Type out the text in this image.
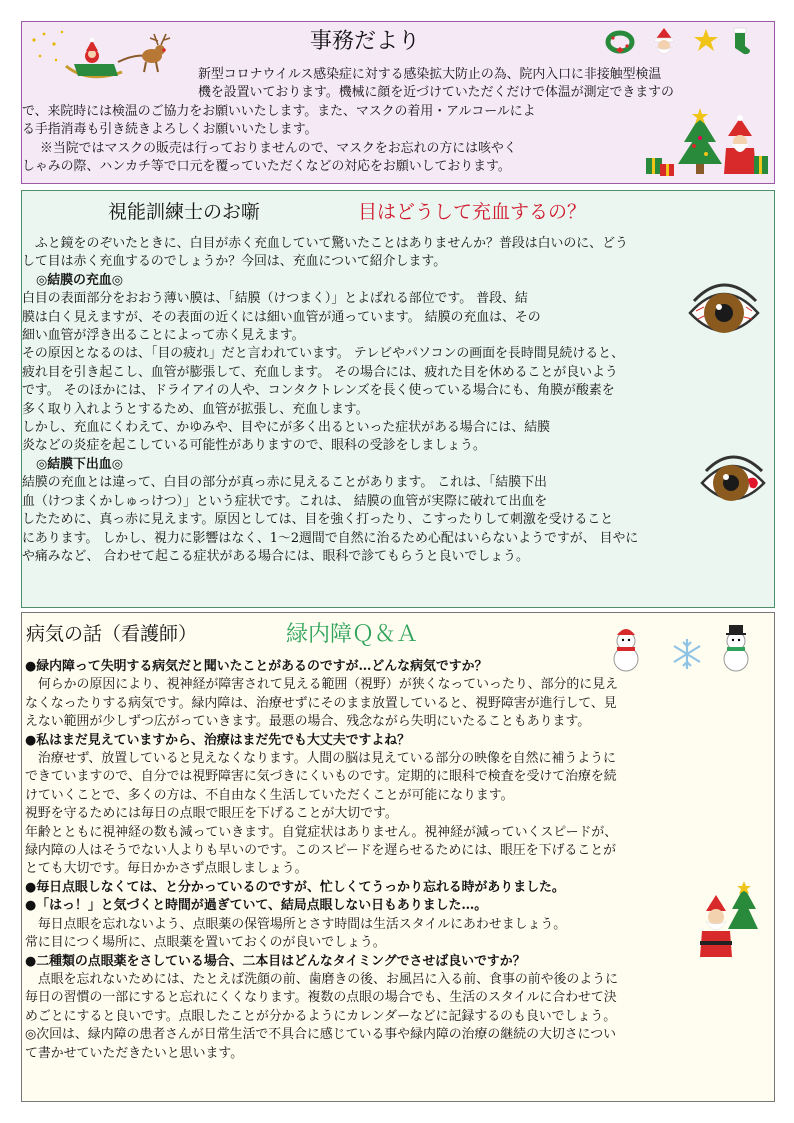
事務だより

新型コロナウイルス感染症に対する感染拡大防止の為、院内入口に非接触型検温

機を設置いております。機械に顔を近づけていただくだけで体温が測定できますの

で、来院時には検温のご協力をお願いいたします。また、マスクの着用・アルコールによ

る手指消毒も引き続きよろしくお願いいたします。

※当院ではマスクの販売は行っておりませんので、マスクをお忘れの方には咳やく

しゃみの際、ハンカチ等で口元を覆っていただくなどの対応をお願いしております。

視能訓練士のお噺	目はどうして充血するの？

ふと鏡をのぞいたときに、白目が赤く充血していて驚いたことはありませんか？普段は白いのに、どう

して目は赤く充血するのでしょうか？今回は、充血について紹介します。

◎結膜の充血◎

白目の表面部分をおおう薄い膜は、「結膜（けつまく）」とよばれる部位です。 普段、結

膜は白く見えますが、その表面の近くには細い血管が通っています。 結膜の充血は、その

細い血管が浮き出ることによって赤く見えます。

その原因となるのは、「目の疲れ」だと言われています。 テレビやパソコンの画面を長時間見続けると、

疲れ目を引き起こし、血管が膨張して、充血します。 その場合には、疲れた目を休めることが良いよう

です。 そのほかには、ドライアイの人や、コンタクトレンズを長く使っている場合にも、角膜が酸素を

多く取り入れようとするため、血管が拡張し、充血します。

しかし、充血にくわえて、かゆみや、目やにが多く出るといった症状がある場合には、結膜

炎などの炎症を起こしている可能性がありますので、眼科の受診をしましょう。

◎結膜下出血◎

結膜の充血とは違って、白目の部分が真っ赤に見えることがあります。 これは、「結膜下出

血（けつまくかしゅっけつ）」という症状です。これは、 結膜の血管が実際に破れて出血を

したために、真っ赤に見えます。原因としては、目を強く打ったり、こすったりして刺激を受けること

にあります。 しかし、視力に影響はなく、1～2週間で自然に治るため心配はいらないようですが、 目やに

や痛みなど、 合わせて起こる症状がある場合には、眼科で診てもらうと良いでしょう。

病気の話（看護師）	緑内障Ｑ＆Ａ

●緑内障って失明する病気だと聞いたことがあるのですが…どんな病気ですか？

何らかの原因により、視神経が障害されて見える範囲（視野）が狭くなっていったり、部分的に見え

なくなったりする病気です。緑内障は、治療せずにそのまま放置していると、視野障害が進行して、見

えない範囲が少しずつ広がっていきます。最悪の場合、残念ながら失明にいたることもあります。

●私はまだ見えていますから、治療はまだ先でも大丈夫ですよね？

治療せず、放置していると見えなくなります。人間の脳は見えている部分の映像を自然に補うように

できていますので、自分では視野障害に気づきにくいものです。定期的に眼科で検査を受けて治療を続

けていくことで、多くの方は、不自由なく生活していただくことが可能になります。

視野を守るためには毎日の点眼で眼圧を下げることが大切です。

年齢とともに視神経の数も減っていきます。自覚症状はありません。視神経が減っていくスピードが、

緑内障の人はそうでない人よりも早いのです。このスピードを遅らせるためには、眼圧を下げることが

とても大切です。毎日かかさず点眼しましょう。

●毎日点眼しなくては、と分かっているのですが、忙しくてうっかり忘れる時がありました。

●「はっ！」と気づくと時間が過ぎていて、結局点眼しない日もありました…。

毎日点眼を忘れないよう、点眼薬の保管場所とさす時間は生活スタイルにあわせましょう。

常に目につく場所に、点眼薬を置いておくのが良いでしょう。

●二種類の点眼薬をさしている場合、二本目はどんなタイミングでさせば良いですか？

点眼を忘れないためには、たとえば洗顔の前、歯磨きの後、お風呂に入る前、食事の前や後のように

毎日の習慣の一部にすると忘れにくくなります。複数の点眼の場合でも、生活のスタイルに合わせて決

めごとにすると良いです。点眼したことが分かるようにカレンダーなどに記録するのも良いでしょう。

◎次回は、緑内障の患者さんが日常生活で不具合に感じている事や緑内障の治療の継続の大切さについ

て書かせていただきたいと思います。
